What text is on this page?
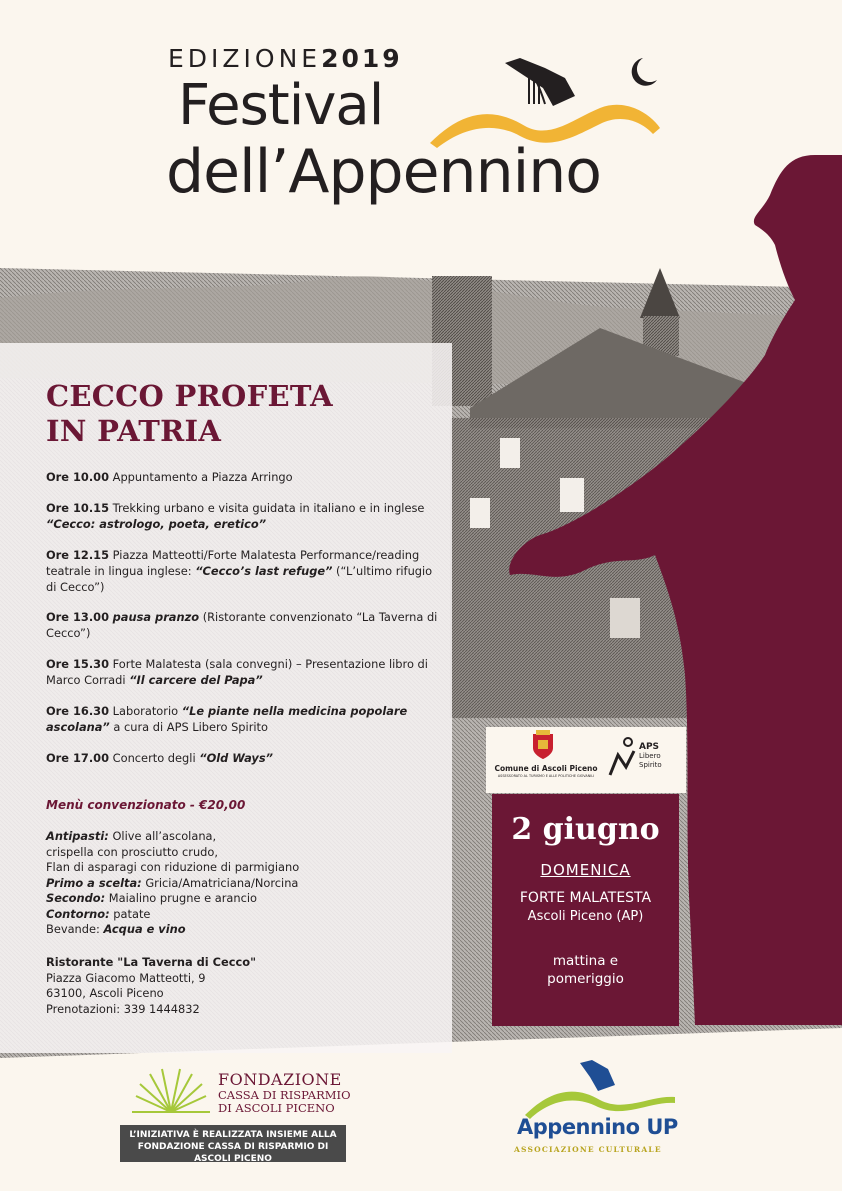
EDIZIONE2019
Festival
dell’Appennino
CECCO PROFETA
IN PATRIA
Ore 10.00 Appuntamento a Piazza Arringo
Ore 10.15 Trekking urbano e visita guidata in italiano e in inglese
“Cecco: astrologo, poeta, eretico”
Ore 12.15 Piazza Matteotti/Forte Malatesta Performance/reading teatrale in lingua inglese: “Cecco’s last refuge” (“L’ultimo rifugio di Cecco”)
Ore 13.00 pausa pranzo (Ristorante convenzionato “La Taverna di Cecco”)
Ore 15.30 Forte Malatesta (sala convegni) – Presentazione libro di Marco Corradi “Il carcere del Papa”
Ore 16.30 Laboratorio “Le piante nella medicina popolare ascolana” a cura di APS Libero Spirito
Ore 17.00 Concerto degli “Old Ways”
Menù convenzionato - €20,00
Antipasti: Olive all’ascolana,
crispella con prosciutto crudo,
Flan di asparagi con riduzione di parmigiano
Primo a scelta: Gricia/Amatriciana/Norcina
Secondo: Maialino prugne e arancio
Contorno: patate
Bevande: Acqua e vino
Ristorante "La Taverna di Cecco"
Piazza Giacomo Matteotti, 9
63100, Ascoli Piceno
Prenotazioni: 339 1444832
Comune di Ascoli Piceno
ASSESSORATO AL TURISMO E ALLE POLITICHE GIOVANILI
APS
Libero
Spirito
2 giugno
DOMENICA
FORTE MALATESTA
Ascoli Piceno (AP)
mattina e
pomeriggio
FONDAZIONE
CASSA DI RISPARMIO
DI ASCOLI PICENO
L’INIZIATIVA È REALIZZATA INSIEME ALLA
FONDAZIONE CASSA DI RISPARMIO DI ASCOLI PICENO
Appennino UP
ASSOCIAZIONE CULTURALE
